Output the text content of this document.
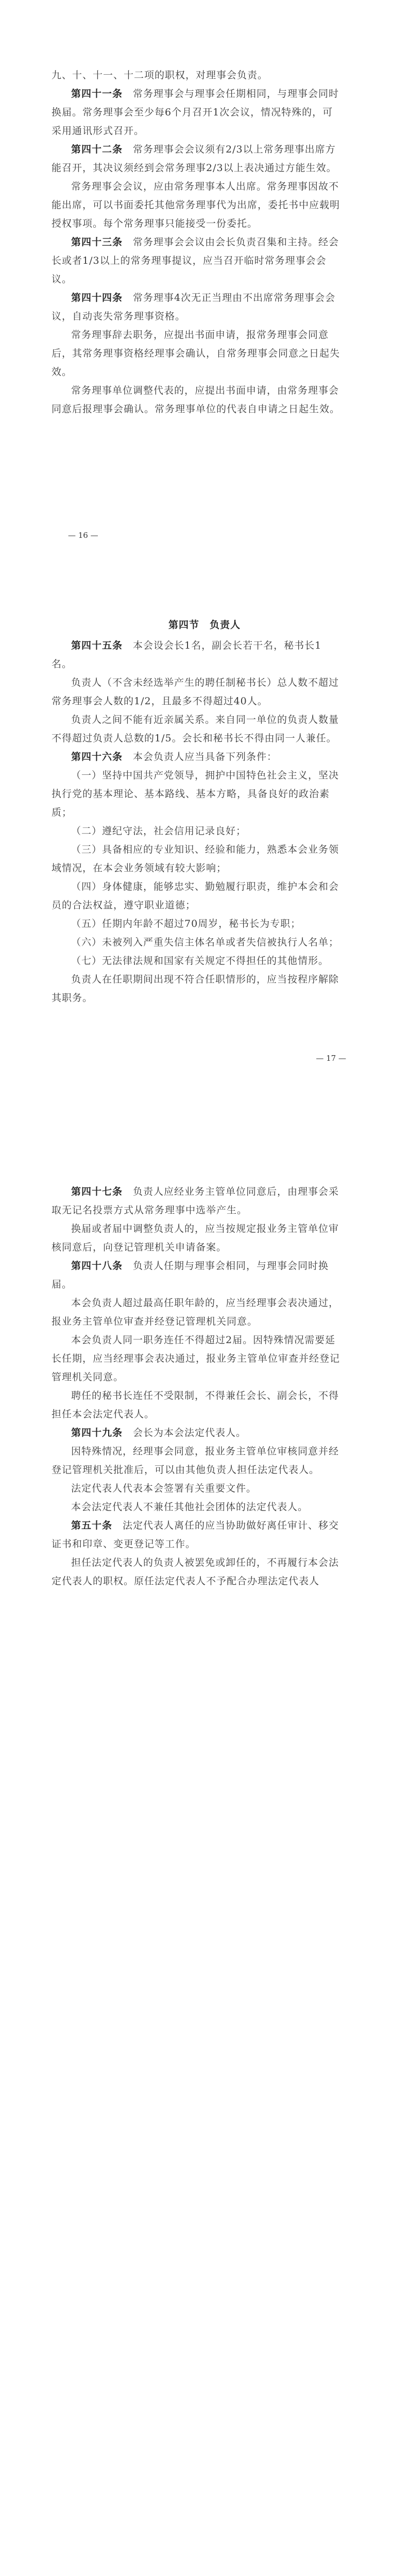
九、十、十一、十二项的职权，对理事会负责。

第四十一条　 常务理事会与理事会任期相同，与理事会同时换届。常务理事会至少每6个月召开1次会议，情况特殊的，可采用通讯形式召开。

第四十二条　 常务理事会会议须有2/3以上常务理事出席方能召开，其决议须经到会常务理事2/3以上表决通过方能生效。

常务理事会会议，应由常务理事本人出席。常务理事因故不能出席，可以书面委托其他常务理事代为出席，委托书中应载明授权事项。每个常务理事只能接受一份委托。

第四十三条　 常务理事会会议由会长负责召集和主持。经会长或者1/3以上的常务理事提议，应当召开临时常务理事会会议。

第四十四条　 常务理事4次无正当理由不出席常务理事会会议，自动丧失常务理事资格。

常务理事辞去职务，应提出书面申请，报常务理事会同意后，其常务理事资格经理事会确认，自常务理事会同意之日起失效。

常务理事单位调整代表的，应提出书面申请，由常务理事会同意后报理事会确认。常务理事单位的代表自申请之日起生效。

— 16 —
第四节　负责人

第四十五条　 本会设会长1名，副会长若干名，秘书长1名。

负责人（不含未经选举产生的聘任制秘书长）总人数不超过常务理事会人数的1/2，且最多不得超过40人。

负责人之间不能有近亲属关系。来自同一单位的负责人数量不得超过负责人总数的1/5。会长和秘书长不得由同一人兼任。

第四十六条　 本会负责人应当具备下列条件：

（一）坚持中国共产党领导，拥护中国特色社会主义，坚决执行党的基本理论、基本路线、基本方略，具备良好的政治素质；

（二）遵纪守法，社会信用记录良好；

（三）具备相应的专业知识、经验和能力，熟悉本会业务领域情况，在本会业务领域有较大影响；

（四）身体健康，能够忠实、勤勉履行职责，维护本会和会员的合法权益，遵守职业道德；

（五）任期内年龄不超过70周岁，秘书长为专职；

（六）未被列入严重失信主体名单或者失信被执行人名单；

（七）无法律法规和国家有关规定不得担任的其他情形。

负责人在任职期间出现不符合任职情形的，应当按程序解除其职务。

— 17 —

第四十七条　 负责人应经业务主管单位同意后，由理事会采取无记名投票方式从常务理事中选举产生。

换届或者届中调整负责人的，应当按规定报业务主管单位审核同意后，向登记管理机关申请备案。

第四十八条　 负责人任期与理事会相同，与理事会同时换届。

本会负责人超过最高任职年龄的，应当经理事会表决通过，报业务主管单位审查并经登记管理机关同意。

本会负责人同一职务连任不得超过2届。因特殊情况需要延长任期，应当经理事会表决通过，报业务主管单位审查并经登记管理机关同意。

聘任的秘书长连任不受限制，不得兼任会长、副会长，不得担任本会法定代表人。

第四十九条　 会长为本会法定代表人。

因特殊情况，经理事会同意，报业务主管单位审核同意并经登记管理机关批准后，可以由其他负责人担任法定代表人。

法定代表人代表本会签署有关重要文件。

本会法定代表人不兼任其他社会团体的法定代表人。

第五十条　 法定代表人离任的应当协助做好离任审计、移交证书和印章、变更登记等工作。

担任法定代表人的负责人被罢免或卸任的，不再履行本会法定代表人的职权。原任法定代表人不予配合办理法定代表人
